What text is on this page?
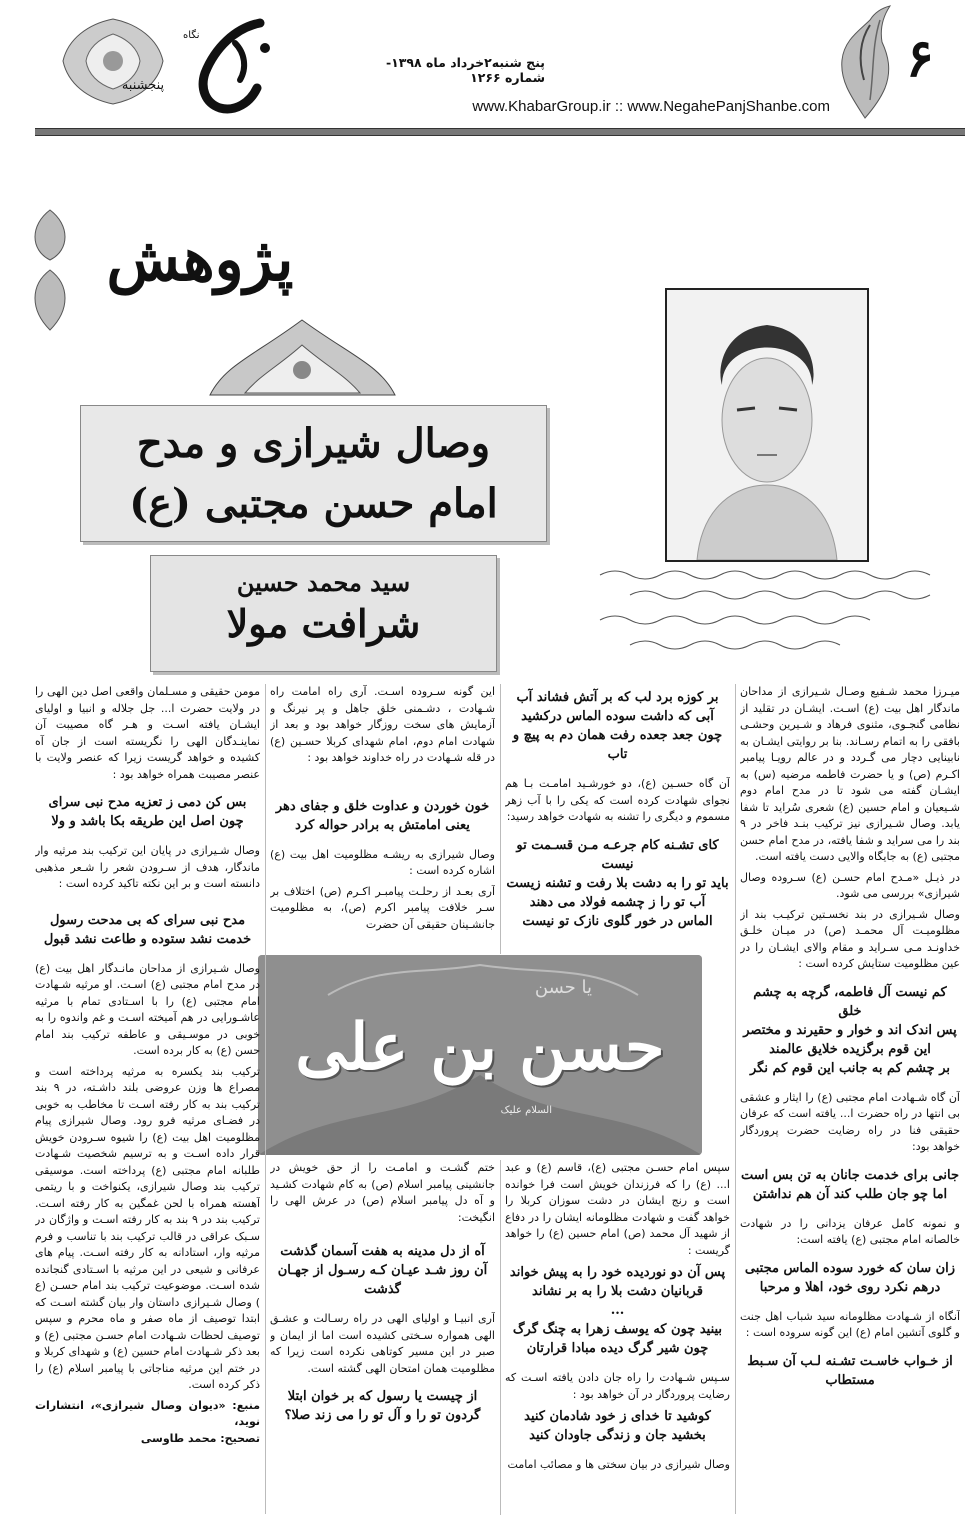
۶
نگاه
پنجشنبه
پنج شنبه۲خرداد ماه ۱۳۹۸- شماره ۱۲۶۶
www.KhabarGroup.ir :: www.NegahePanjShanbe.com
پژوهش
وصال شیرازی و مدح
امام حسن مجتبی (ع)
سید محمد حسین
شرافت مولا

میـرزا محمد شـفیع وصـال شـیرازی از مداحان ماندگار اهل بیت (ع) اسـت. ایشـان در تقلید از نظامی گنجـوی، مثنوی فرهاد و شـیرین وحشـی بافقی را به اتمام رسـاند. بنا بر روایتی ایشـان به نابینایی دچار می گـردد و در عالم رویـا پیامبر اکـرم (ص) و یا حضرت فاطمه مرضیه (س) به ایشـان گفته می شود تا در مدح امام دوم شـیعیان و امام حسین (ع) شعری سُراید تا شفا یابد. وصال شـیرازی نیز ترکیب بنـد فاخر در ۹ بند را می سراید و شفا یافته، در مدح امام حسن مجتبی (ع) به جایگاه والایی دست یافته است.

در ذیـل «مـدح امام حسـن (ع) سـروده وصال شیرازی» بررسی می شود.

وصال شـیرازی در بند نخسـتین ترکیـب بند از مظلومیـت آل محمـد (ص) در میـان خلـق خداونـد مـی سـراید و مقام والای ایشـان را در عین مظلومیت ستایش کرده است :

کم نیست آل فاطمه، گرچه به چشم خلق
پس اندک اند و خوار و حقیرند و مختصر
این قوم برگزیده خلایق عالمند
بر چشم کم به جانب این قوم کم نگر

آن گاه شـهادت امام مجتبی (ع) را ایثار و عشقی بی انتها در راه حضرت ا... یافته است که عرفان حقیقی فنا در راه رضایت حضرت پروردگار خواهد بود:

جانی برای خدمت جانان به تن بس است
اما چو جان طلب کند آن هم نداشتن

و نمونه کامل عرفان یزدانی را در شهادت خالصانه امام مجتبی (ع) یافته است:

زان سان که خورد سوده الماس مجتبی
درهم نکرد روی خود، اهلا و مرحبا

آنگاه از شـهادت مظلومانه سید شباب اهل جنت و گلوی آتشین امام (ع) این گونه سروده است :

از خـواب خاسـت تشـنه لـب آن سـبط مستطاب
بر کوزه برد لب که بر آتش فشاند آب
آبی که داشت سوده الماس درکشید
چون جعد جعده رفت همان دم به پیچ و تاب

آن گاه حسـین (ع)، دو خورشـید امامـت بـا هم نجوای شهادت کرده است که یکی را با آب زهر مسموم و دیگری را تشنه به شهادت خواهد رسید:

کای تشـنه کام جرعـه مـن قسـمت تو نیست
باید تو را به دشت بلا رفت و تشنه زیست
آب تو را ز چشمه فولاد می دهند
الماس در خور گلوی نازک تو نیست

سپس امام حسـن مجتبی (ع)، قاسم (ع) و عبد ا... (ع) را که فرزندان خویش است فرا خوانده است و رنج ایشان در دشت سوزان کربلا را خواهد گفت و شهادت مظلومانه ایشان را در دفاع از شهید آل محمد (ص) امام حسین (ع) را خواهد گریست :

پس آن دو نوردیده خود را به پیش خواند
قربانیان دشت بلا را به بر نشاند
...
بینید چون که یوسف زهرا به چنگ گرگ
چون شیر گرگ دیده مبادا قرارتان

سـپس شـهادت را راه جان دادن یافته اسـت که رضایت پروردگار در آن خواهد بود :

کوشید تا خدای ز خود شادمان کنید
بخشید جان و زندگی جاودان کنید

وصال شیرازی در بیان سختی ها و مصائب امامت

این گونه سـروده اسـت. آری راه امامت راه شـهادت ، دشـمنی خلق جاهل و پر نیرنگ و آزمایش های سخت روزگار خواهد بود و بعد از شهادت امام دوم، امام شهدای کربلا حسـین (ع) در قله شـهادت در راه خداوند خواهد بود :

خون خوردن و عداوت خلق و جفای دهر
یعنی امامتش به برادر حواله کرد

وصال شیرازی به ریشـه مظلومیت اهل بیت (ع) اشاره کرده است :

آری بعـد از رحلـت پیامبـر اکـرم (ص) اختلاف بر سـر خلافت پیامبر اکرم (ص)، به مظلومیت جانشـینان حقیقی آن حضرت

ختم گشـت و امامـت را از حق خویش در جانشینی پیامبر اسلام (ص) به کام شهادت کشـید و آه دل پیامبر اسلام (ص) در عرش الهی را انگیخت:

آه از دل مدینه به هفت آسمان گذشت
آن روز شـد عیـان کـه رسـول از جهـان گذشت

آری انبیـا و اولیای الهی در راه رسـالت و عشـق الهی همواره سـختی کشیده است اما از ایمان و صبر در این مسیر کوتاهی نکرده است زیرا که مظلومیت همان امتحان الهی گشته است.

از چیست یا رسول که بر خوان ابتلا
گردون تو را و آل تو را می زند صلا؟
یا حسن
حسن بن علی
السلام علیک

مومن حقیقی و مسـلمان واقعی اصل دین الهی را در ولایت حضرت ا... جل جلاله و انبیا و اولیای ایشـان یافته اسـت و هـر گاه مصیبت آن نماینـدگان الهی را نگریسته است از جان آه کشیده و خواهد گریست زیرا که عنصر ولایت با عنصر مصیبت همراه خواهد بود :

بس کن دمی ز تعزیه مدح نبی سرای
چون اصل این طریقه بکا باشد و ولا

وصال شـیرازی در پایان این ترکیب بند مرثیه وار ماندگار، هدف از سـرودن شعر را شـعر مذهبی دانسته است و بر این نکته تاکید کرده است :

مدح نبی سرای که بی مدحت رسول
خدمت نشد ستوده و طاعت نشد قبول

وصال شـیرازی از مداحان مانـدگار اهل بیت (ع) در مدح امام مجتبی (ع) اسـت. او مرثیه شـهادت امام مجتبی (ع) را با اسـتادی تمام با مرثیه عاشـورایی در هم آمیخته اسـت و غم واندوه را به خوبی در موسـیقی و عاطفه ترکیب بند امام حسن (ع) به کار برده است.

ترکیب بند یکسره به مرثیه پرداخته است و مصراع ها وزن عروضی بلند داشـته، در ۹ بند ترکیب بند به کار رفته اسـت تا مخاطب به خوبی در فضـای مرثیه فرو رود. وصال شیرازی پیام مظلومیت اهل بیت (ع) را شیوه سـرودن خویش قرار داده اسـت و به ترسیم شخصیت شـهادت طلبانه امام مجتبی (ع) پرداخته است. موسیقی ترکیب بند وصال شیرازی، یکنواخت و با ریتمی آهسته همراه با لحن غمگین به کار رفته اسـت. ترکیب بند در ۹ بند به کار رفته اسـت و واژگان در سـبک عراقی در قالب ترکیب بند با تناسب و فرم مرثیه وار، استادانه به کار رفته اسـت. پیام های عرفانی و شیعی در این مرثیه با اسـتادی گنجانده شده اسـت. موضوعیت ترکیب بند امام حسـن (ع ) وصال شـیرازی داستان وار بیان گشته اسـت که ابتدا توصیف از ماه صفر و ماه محرم و سپس توصیف لحظات شـهادت امام حسـن مجتبی (ع) و بعد ذکر شـهادت امام حسین (ع) و شهدای کربلا و در ختم این مرثیه مناجاتی با پیامبر اسلام (ع) را ذکر کرده است.

منبع: «دیوان وصال شیرازی»، انتشارات نوید،
تصحیح: محمد طاوسی
